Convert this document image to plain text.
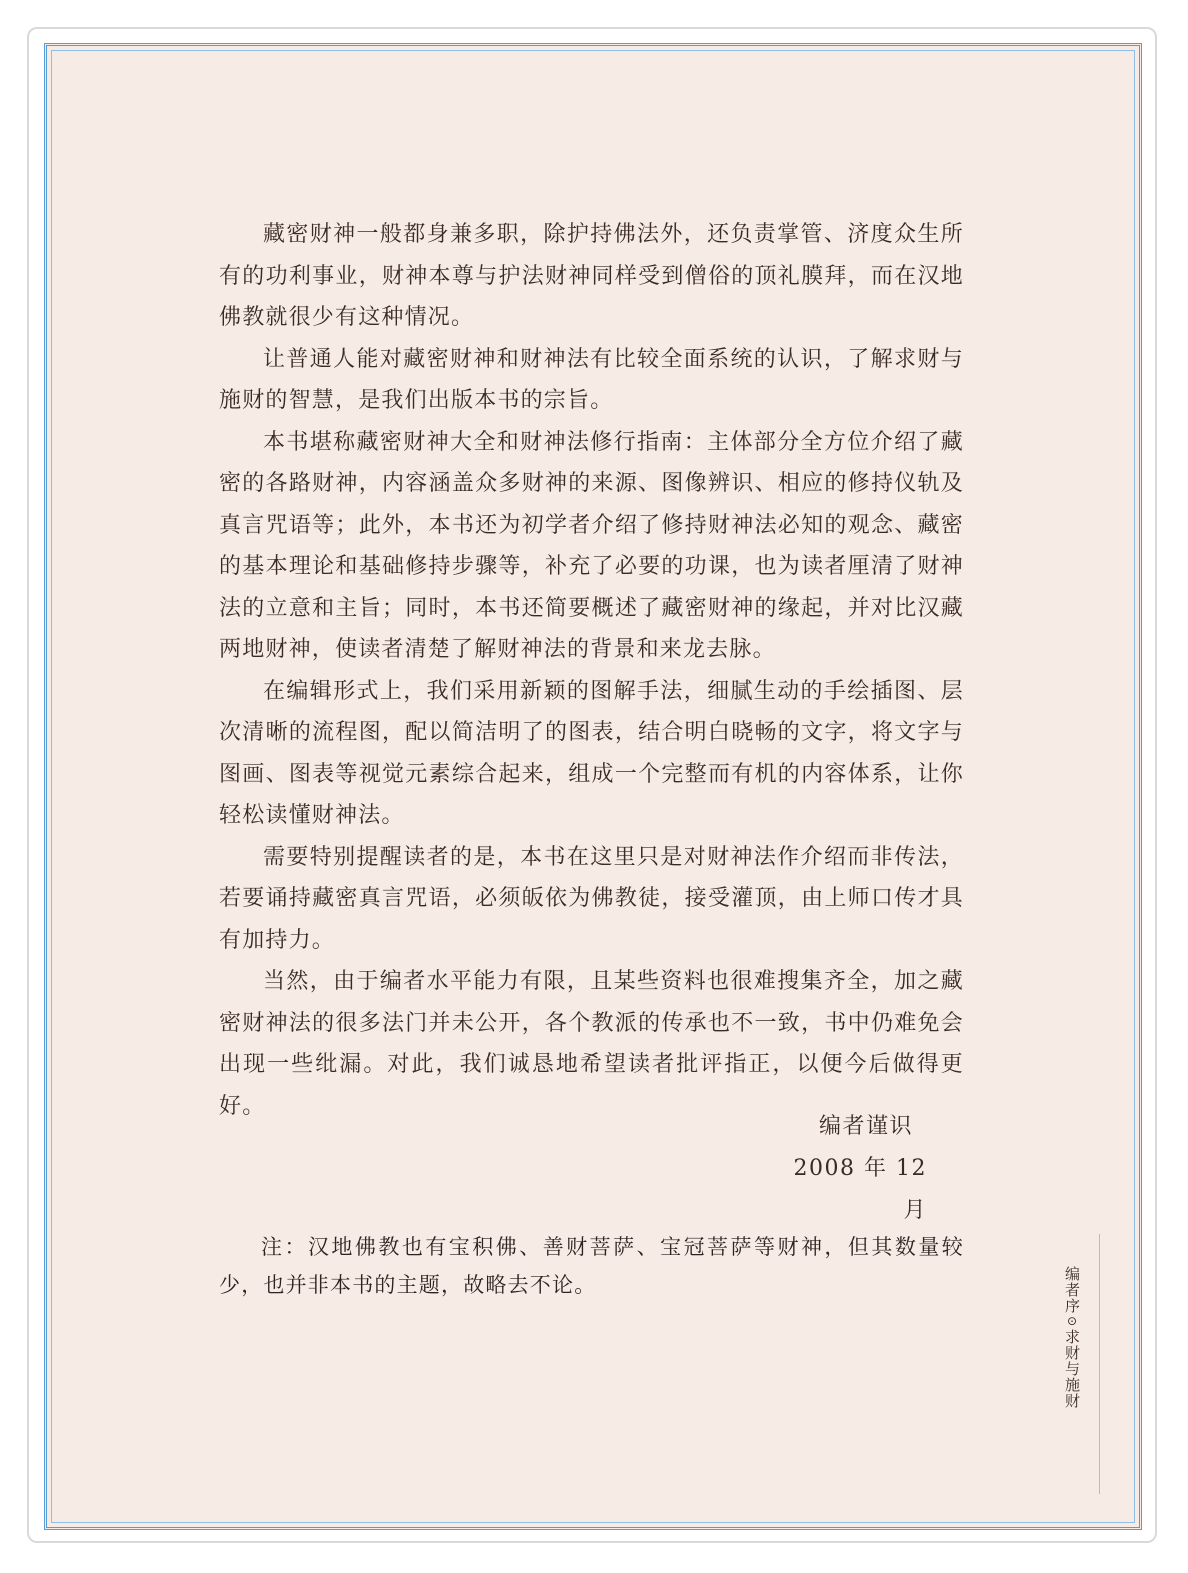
藏密财神一般都身兼多职，除护持佛法外，还负责掌管、济度众生所有的功利事业，财神本尊与护法财神同样受到僧俗的顶礼膜拜，而在汉地佛教就很少有这种情况。

让普通人能对藏密财神和财神法有比较全面系统的认识，了解求财与施财的智慧，是我们出版本书的宗旨。

本书堪称藏密财神大全和财神法修行指南：主体部分全方位介绍了藏密的各路财神，内容涵盖众多财神的来源、图像辨识、相应的修持仪轨及真言咒语等；此外，本书还为初学者介绍了修持财神法必知的观念、藏密的基本理论和基础修持步骤等，补充了必要的功课，也为读者厘清了财神法的立意和主旨；同时，本书还简要概述了藏密财神的缘起，并对比汉藏两地财神，使读者清楚了解财神法的背景和来龙去脉。

在编辑形式上，我们采用新颖的图解手法，细腻生动的手绘插图、层次清晰的流程图，配以简洁明了的图表，结合明白晓畅的文字，将文字与图画、图表等视觉元素综合起来，组成一个完整而有机的内容体系，让你轻松读懂财神法。

需要特别提醒读者的是，本书在这里只是对财神法作介绍而非传法，若要诵持藏密真言咒语，必须皈依为佛教徒，接受灌顶，由上师口传才具有加持力。

当然，由于编者水平能力有限，且某些资料也很难搜集齐全，加之藏密财神法的很多法门并未公开，各个教派的传承也不一致，书中仍难免会出现一些纰漏。对此，我们诚恳地希望读者批评指正，以便今后做得更好。

编者谨识
2008 年 12 月
注：汉地佛教也有宝积佛、善财菩萨、宝冠菩萨等财神，但其数量较少，也并非本书的主题，故略去不论。	编者序⊙求财与施财
